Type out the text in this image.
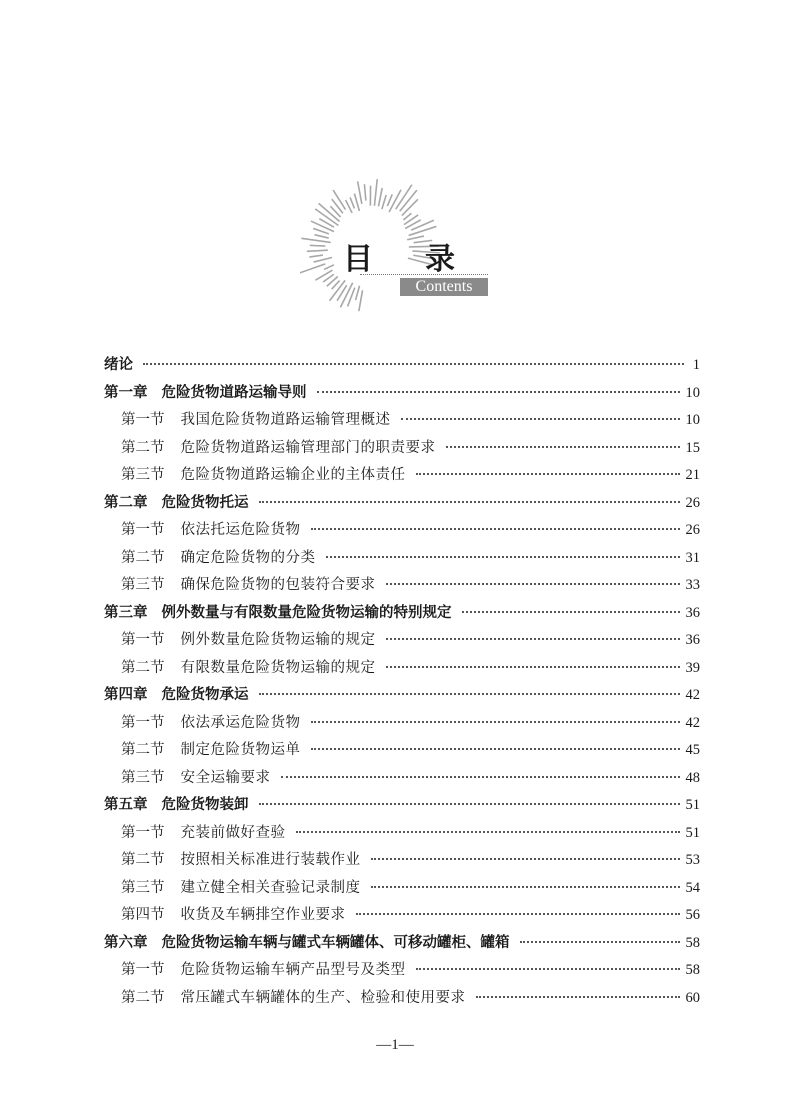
目 录
Contents
绪论	1
第一章 危险货物道路运输导则	10
第一节 我国危险货物道路运输管理概述	10
第二节 危险货物道路运输管理部门的职责要求	15
第三节 危险货物道路运输企业的主体责任	21
第二章 危险货物托运	26
第一节 依法托运危险货物	26
第二节 确定危险货物的分类	31
第三节 确保危险货物的包装符合要求	33
第三章 例外数量与有限数量危险货物运输的特别规定	36
第一节 例外数量危险货物运输的规定	36
第二节 有限数量危险货物运输的规定	39
第四章 危险货物承运	42
第一节 依法承运危险货物	42
第二节 制定危险货物运单	45
第三节 安全运输要求	48
第五章 危险货物装卸	51
第一节 充装前做好查验	51
第二节 按照相关标准进行装载作业	53
第三节 建立健全相关查验记录制度	54
第四节 收货及车辆排空作业要求	56
第六章 危险货物运输车辆与罐式车辆罐体、可移动罐柜、罐箱	58
第一节 危险货物运输车辆产品型号及类型	58
第二节 常压罐式车辆罐体的生产、检验和使用要求	60
—1—
